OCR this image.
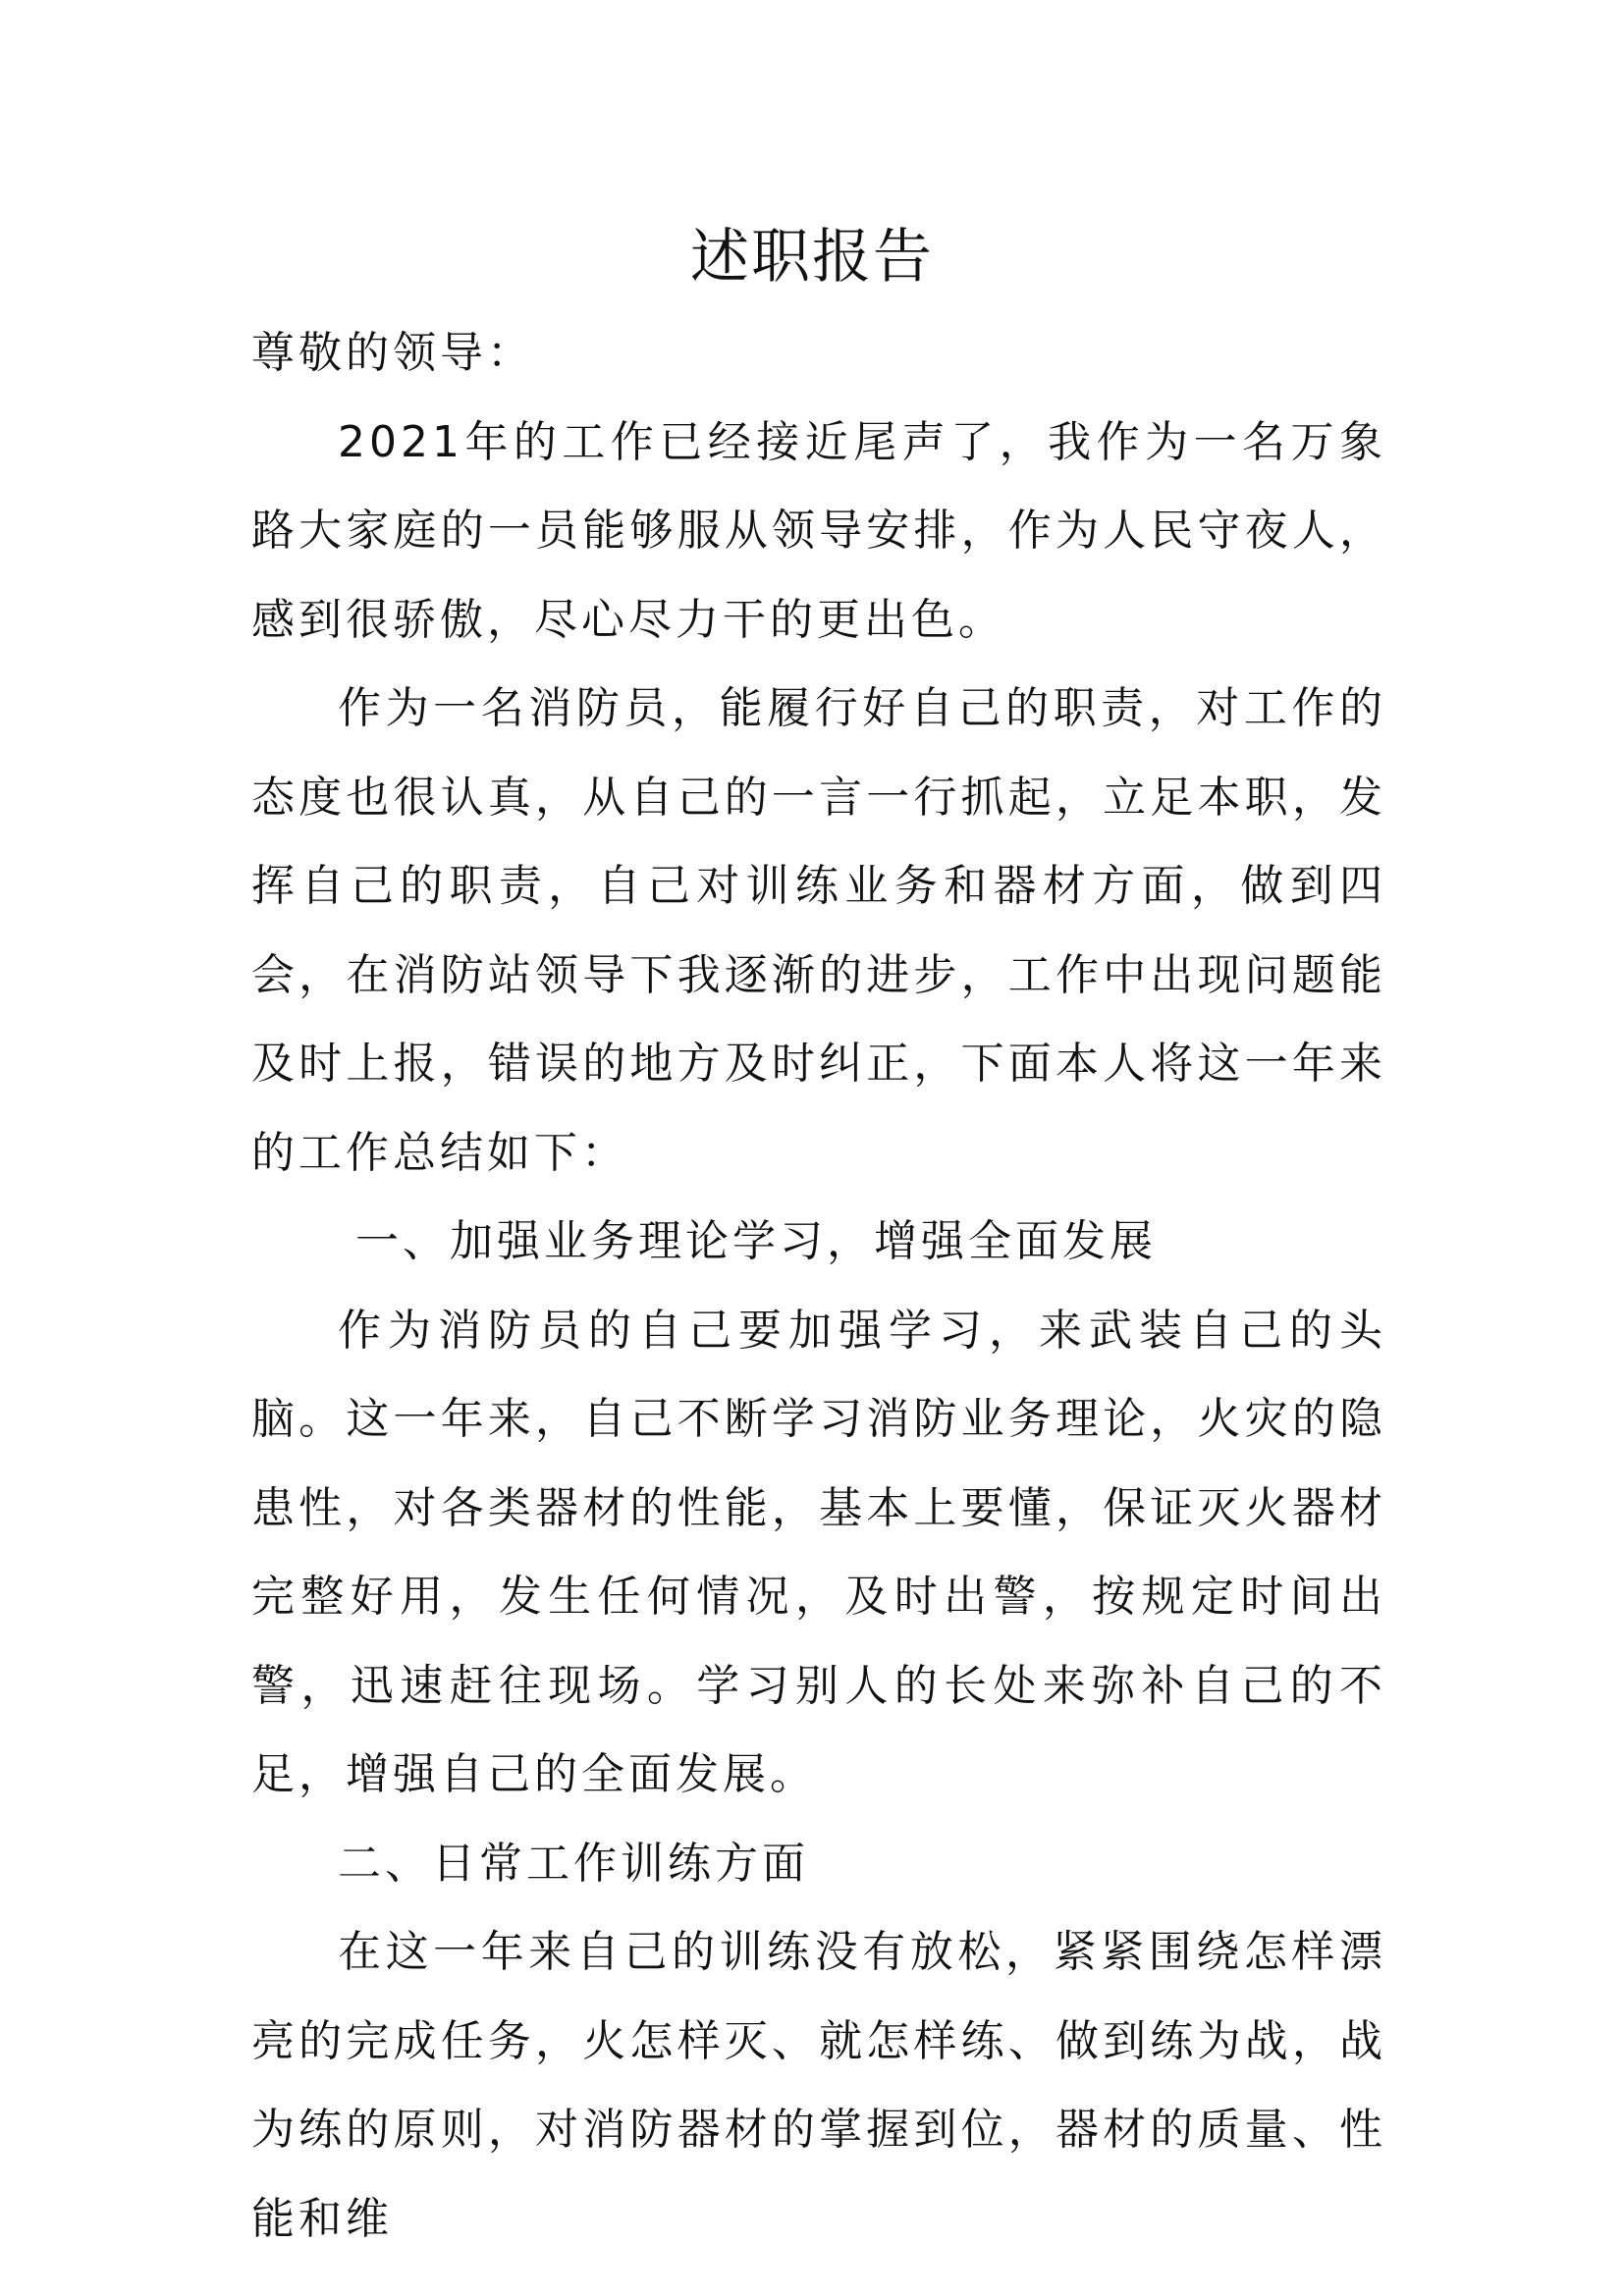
述职报告

尊敬的领导：

2021年的工作已经接近尾声了，我作为一名万象路大家庭的一员能够服从领导安排，作为人民守夜人，感到很骄傲，尽心尽力干的更出色。

作为一名消防员，能履行好自己的职责，对工作的态度也很认真，从自己的一言一行抓起，立足本职，发挥自己的职责，自己对训练业务和器材方面，做到四会，在消防站领导下我逐渐的进步，工作中出现问题能及时上报，错误的地方及时纠正，下面本人将这一年来的工作总结如下：

一、加强业务理论学习，增强全面发展

作为消防员的自己要加强学习，来武装自己的头脑。这一年来，自己不断学习消防业务理论，火灾的隐患性，对各类器材的性能，基本上要懂，保证灭火器材完整好用，发生任何情况，及时出警，按规定时间出警，迅速赶往现场。学习别人的长处来弥补自己的不足，增强自己的全面发展。

二、日常工作训练方面

在这一年来自己的训练没有放松，紧紧围绕怎样漂亮的完成任务，火怎样灭、就怎样练、做到练为战，战为练的原则，对消防器材的掌握到位，器材的质量、性能和维
